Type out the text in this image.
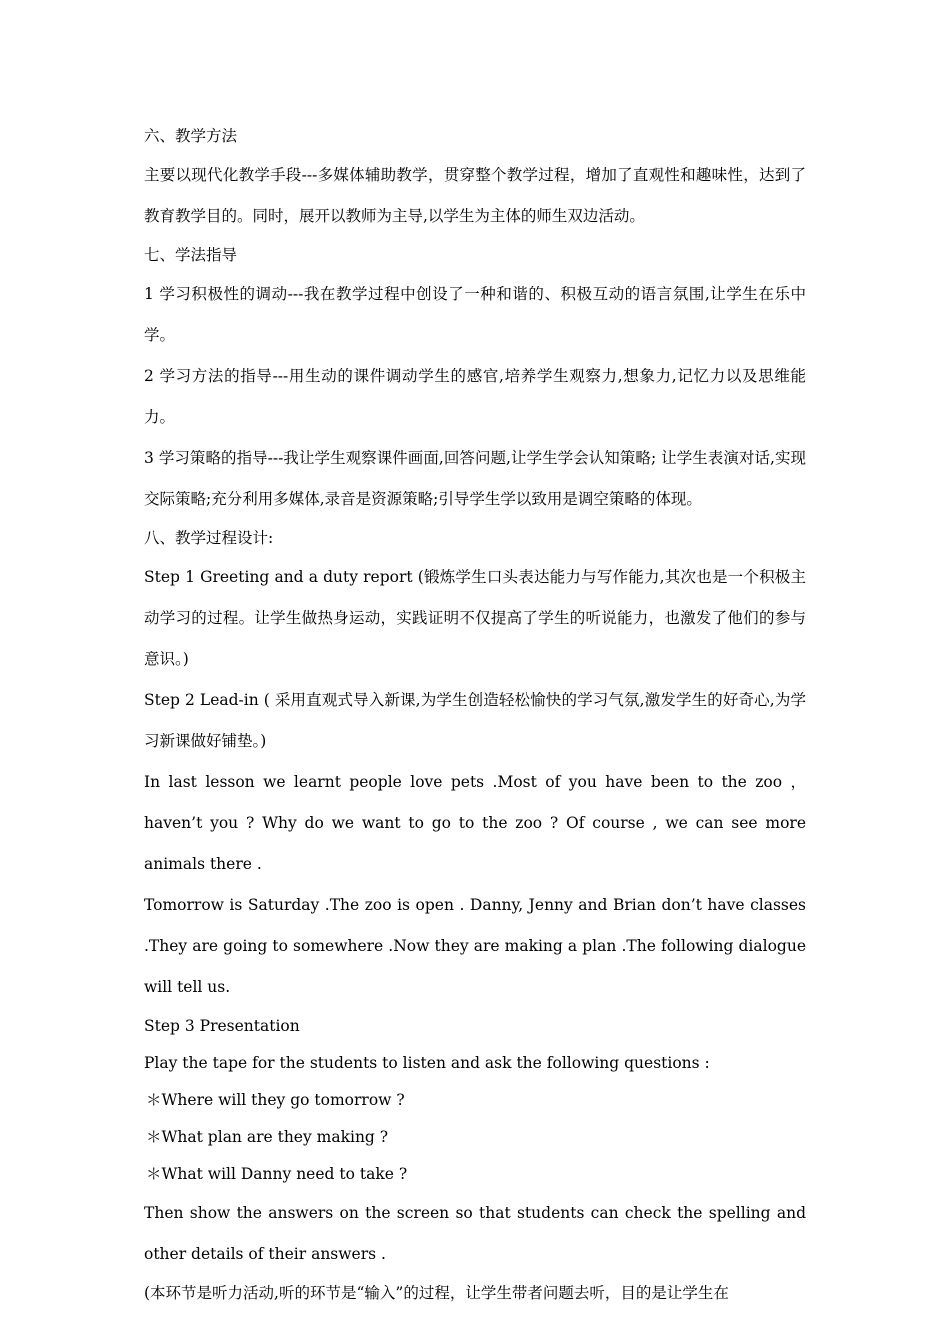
六、教学方法

主要以现代化教学手段---多媒体辅助教学，贯穿整个教学过程，增加了直观性和趣味性，达到了教育教学目的。同时，展开以教师为主导,以学生为主体的师生双边活动。

七、学法指导

1 学习积极性的调动---我在教学过程中创设了一种和谐的、积极互动的语言氛围,让学生在乐中学。

2 学习方法的指导---用生动的课件调动学生的感官,培养学生观察力,想象力,记忆力以及思维能力。

3 学习策略的指导---我让学生观察课件画面,回答问题,让学生学会认知策略; 让学生表演对话,实现交际策略;充分利用多媒体,录音是资源策略;引导学生学以致用是调空策略的体现。

八、教学过程设计:

Step 1 Greeting and a duty report (锻炼学生口头表达能力与写作能力,其次也是一个积极主动学习的过程。让学生做热身运动，实践证明不仅提高了学生的听说能力，也激发了他们的参与意识。)

Step 2 Lead-in ( 采用直观式导入新课,为学生创造轻松愉快的学习气氛,激发学生的好奇心,为学习新课做好铺垫。)

In last lesson we learnt people love pets .Most of you have been to the zoo ， haven’t you ? Why do we want to go to the zoo ? Of course , we can see more animals there .

Tomorrow is Saturday .The zoo is open . Danny, Jenny and Brian don’t have classes .They are going to somewhere .Now they are making a plan .The following dialogue will tell us.

Step 3 Presentation

Play the tape for the students to listen and ask the following questions :

＊Where will they go tomorrow ?

＊What plan are they making ?

＊What will Danny need to take ?

Then show the answers on the screen so that students can check the spelling and other details of their answers .

(本环节是听力活动,听的环节是“输入”的过程，让学生带者问题去听，目的是让学生在
